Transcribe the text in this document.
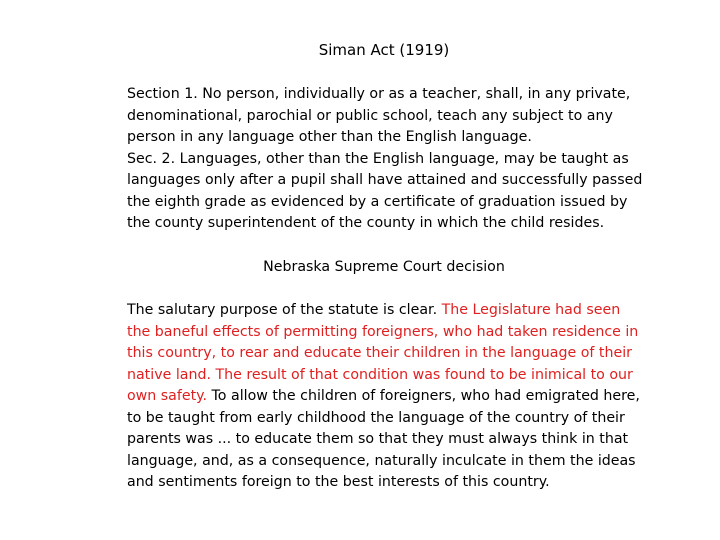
Siman Act (1919)

Section 1. No person, individually or as a teacher, shall, in any private, denominational, parochial or public school, teach any subject to any person in any language other than the English language.

Sec. 2. Languages, other than the English language, may be taught as languages only after a pupil shall have attained and successfully passed the eighth grade as evidenced by a certificate of graduation issued by the county superintendent of the county in which the child resides.

Nebraska Supreme Court decision

The salutary purpose of the statute is clear. The Legislature had seen the baneful effects of permitting foreigners, who had taken residence in this country, to rear and educate their children in the language of their native land. The result of that condition was found to be inimical to our own safety. To allow the children of foreigners, who had emigrated here, to be taught from early childhood the language of the country of their parents was ... to educate them so that they must always think in that language, and, as a consequence, naturally inculcate in them the ideas and sentiments foreign to the best interests of this country.
